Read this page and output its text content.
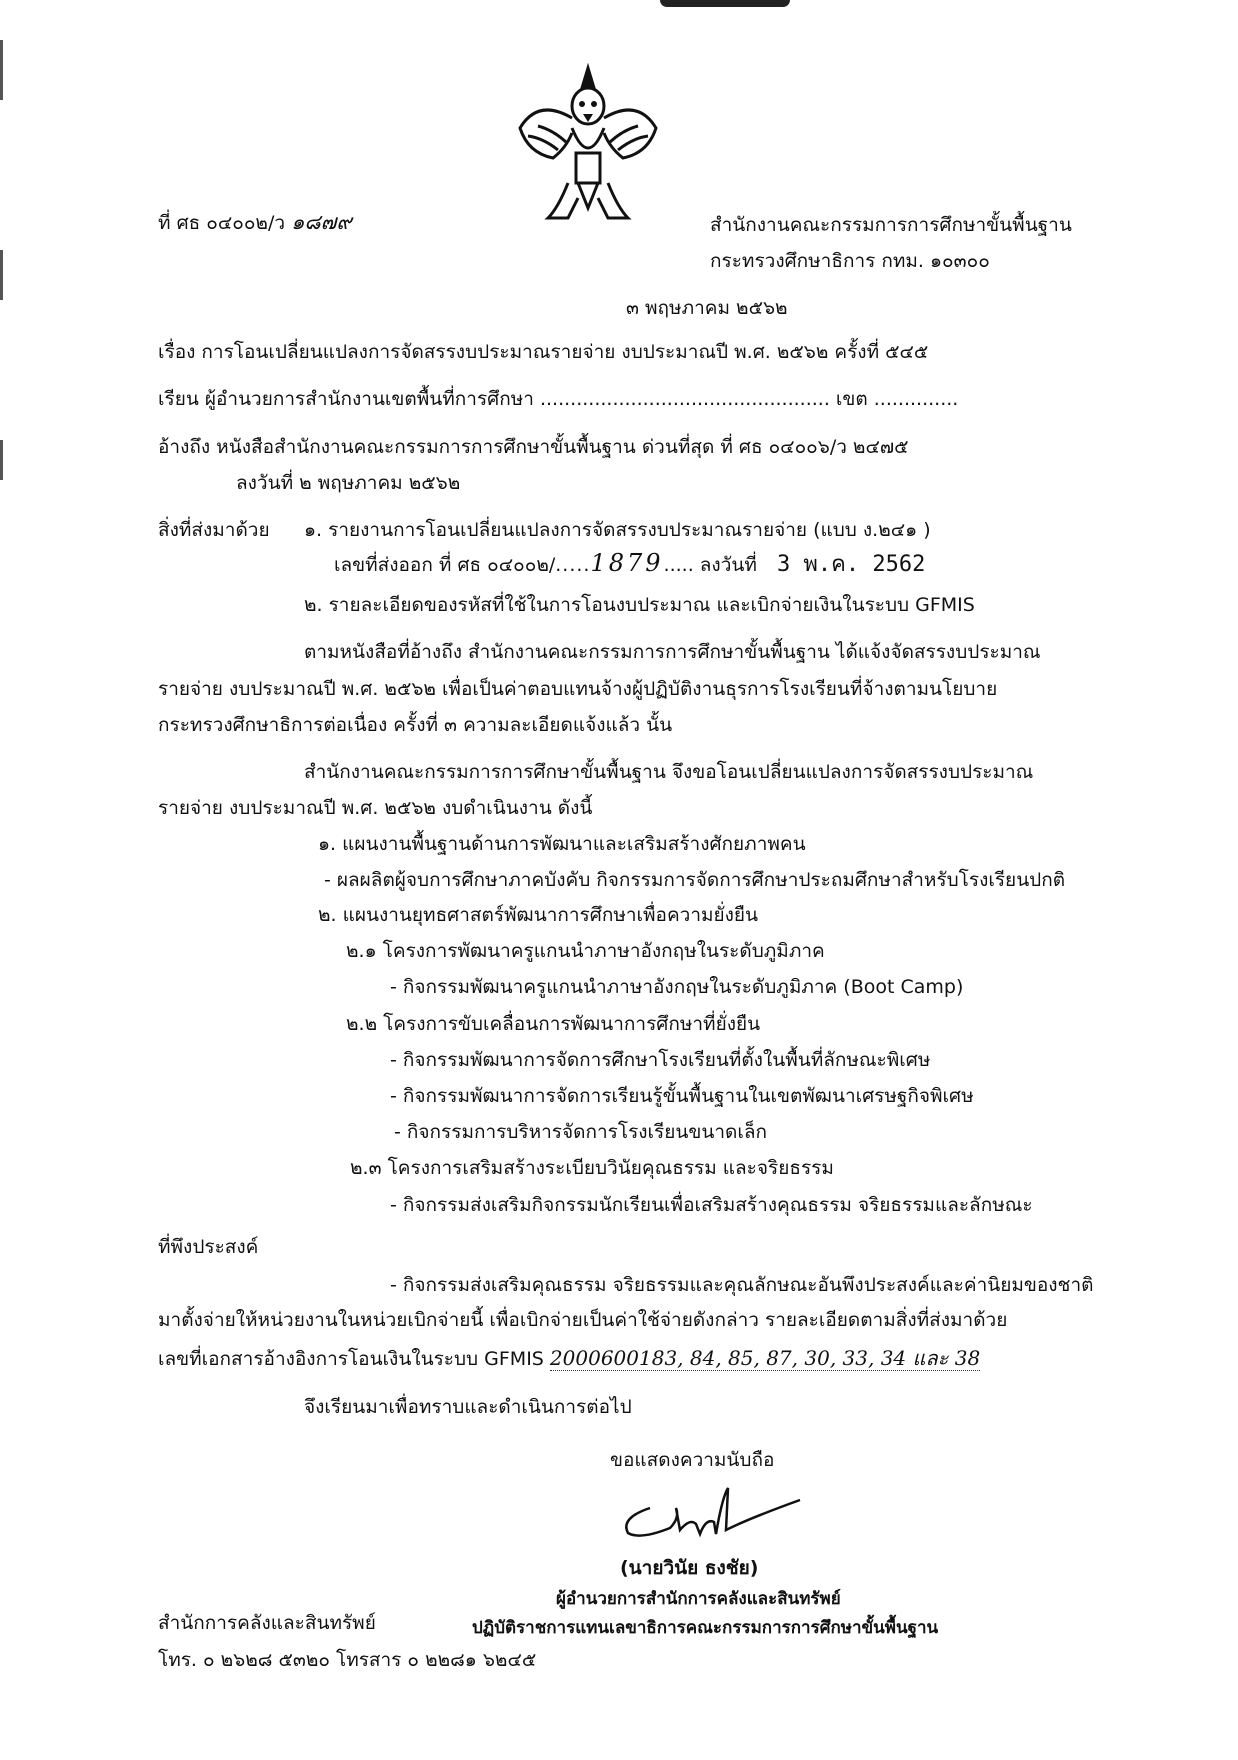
ที่ ศธ ๐๔๐๐๒/ว ๑๘๗๙	สำนักงานคณะกรรมการการศึกษาขั้นพื้นฐาน
กระทรวงศึกษาธิการ กทม. ๑๐๓๐๐
๓ พฤษภาคม ๒๕๖๒
เรื่อง การโอนเปลี่ยนแปลงการจัดสรรงบประมาณรายจ่าย งบประมาณปี พ.ศ. ๒๕๖๒ ครั้งที่ ๕๔๕
เรียน ผู้อำนวยการสำนักงานเขตพื้นที่การศึกษา ................................................ เขต ..............
อ้างถึง หนังสือสำนักงานคณะกรรมการการศึกษาขั้นพื้นฐาน ด่วนที่สุด ที่ ศธ ๐๔๐๐๖/ว ๒๔๗๕
ลงวันที่ ๒ พฤษภาคม ๒๕๖๒
สิ่งที่ส่งมาด้วย ๑. รายงานการโอนเปลี่ยนแปลงการจัดสรรงบประมาณรายจ่าย (แบบ ง.๒๔๑ )
เลขที่ส่งออก ที่ ศธ ๐๔๐๐๒/.....1879..... ลงวันที่ 3 พ.ค. 2562
๒. รายละเอียดของรหัสที่ใช้ในการโอนงบประมาณ และเบิกจ่ายเงินในระบบ GFMIS
ตามหนังสือที่อ้างถึง สำนักงานคณะกรรมการการศึกษาขั้นพื้นฐาน ได้แจ้งจัดสรรงบประมาณ
รายจ่าย งบประมาณปี พ.ศ. ๒๕๖๒ เพื่อเป็นค่าตอบแทนจ้างผู้ปฏิบัติงานธุรการโรงเรียนที่จ้างตามนโยบาย
กระทรวงศึกษาธิการต่อเนื่อง ครั้งที่ ๓ ความละเอียดแจ้งแล้ว นั้น
สำนักงานคณะกรรมการการศึกษาขั้นพื้นฐาน จึงขอโอนเปลี่ยนแปลงการจัดสรรงบประมาณ
รายจ่าย งบประมาณปี พ.ศ. ๒๕๖๒ งบดำเนินงาน ดังนี้
๑. แผนงานพื้นฐานด้านการพัฒนาและเสริมสร้างศักยภาพคน
- ผลผลิตผู้จบการศึกษาภาคบังคับ กิจกรรมการจัดการศึกษาประถมศึกษาสำหรับโรงเรียนปกติ
๒. แผนงานยุทธศาสตร์พัฒนาการศึกษาเพื่อความยั่งยืน
๒.๑ โครงการพัฒนาครูแกนนำภาษาอังกฤษในระดับภูมิภาค
- กิจกรรมพัฒนาครูแกนนำภาษาอังกฤษในระดับภูมิภาค (Boot Camp)
๒.๒ โครงการขับเคลื่อนการพัฒนาการศึกษาที่ยั่งยืน
- กิจกรรมพัฒนาการจัดการศึกษาโรงเรียนที่ตั้งในพื้นที่ลักษณะพิเศษ
- กิจกรรมพัฒนาการจัดการเรียนรู้ขั้นพื้นฐานในเขตพัฒนาเศรษฐกิจพิเศษ
- กิจกรรมการบริหารจัดการโรงเรียนขนาดเล็ก
๒.๓ โครงการเสริมสร้างระเบียบวินัยคุณธรรม และจริยธรรม
- กิจกรรมส่งเสริมกิจกรรมนักเรียนเพื่อเสริมสร้างคุณธรรม จริยธรรมและลักษณะ
ที่พึงประสงค์
- กิจกรรมส่งเสริมคุณธรรม จริยธรรมและคุณลักษณะอันพึงประสงค์และค่านิยมของชาติ
มาตั้งจ่ายให้หน่วยงานในหน่วยเบิกจ่ายนี้ เพื่อเบิกจ่ายเป็นค่าใช้จ่ายดังกล่าว รายละเอียดตามสิ่งที่ส่งมาด้วย
เลขที่เอกสารอ้างอิงการโอนเงินในระบบ GFMIS 2000600183, 84, 85, 87, 30, 33, 34 และ 38
จึงเรียนมาเพื่อทราบและดำเนินการต่อไป
ขอแสดงความนับถือ
(นายวินัย ธงชัย)
ผู้อำนวยการสำนักการคลังและสินทรัพย์
ปฏิบัติราชการแทนเลขาธิการคณะกรรมการการศึกษาขั้นพื้นฐาน
สำนักการคลังและสินทรัพย์
โทร. ๐ ๒๖๒๘ ๕๓๒๐ โทรสาร ๐ ๒๒๘๑ ๖๒๔๕
